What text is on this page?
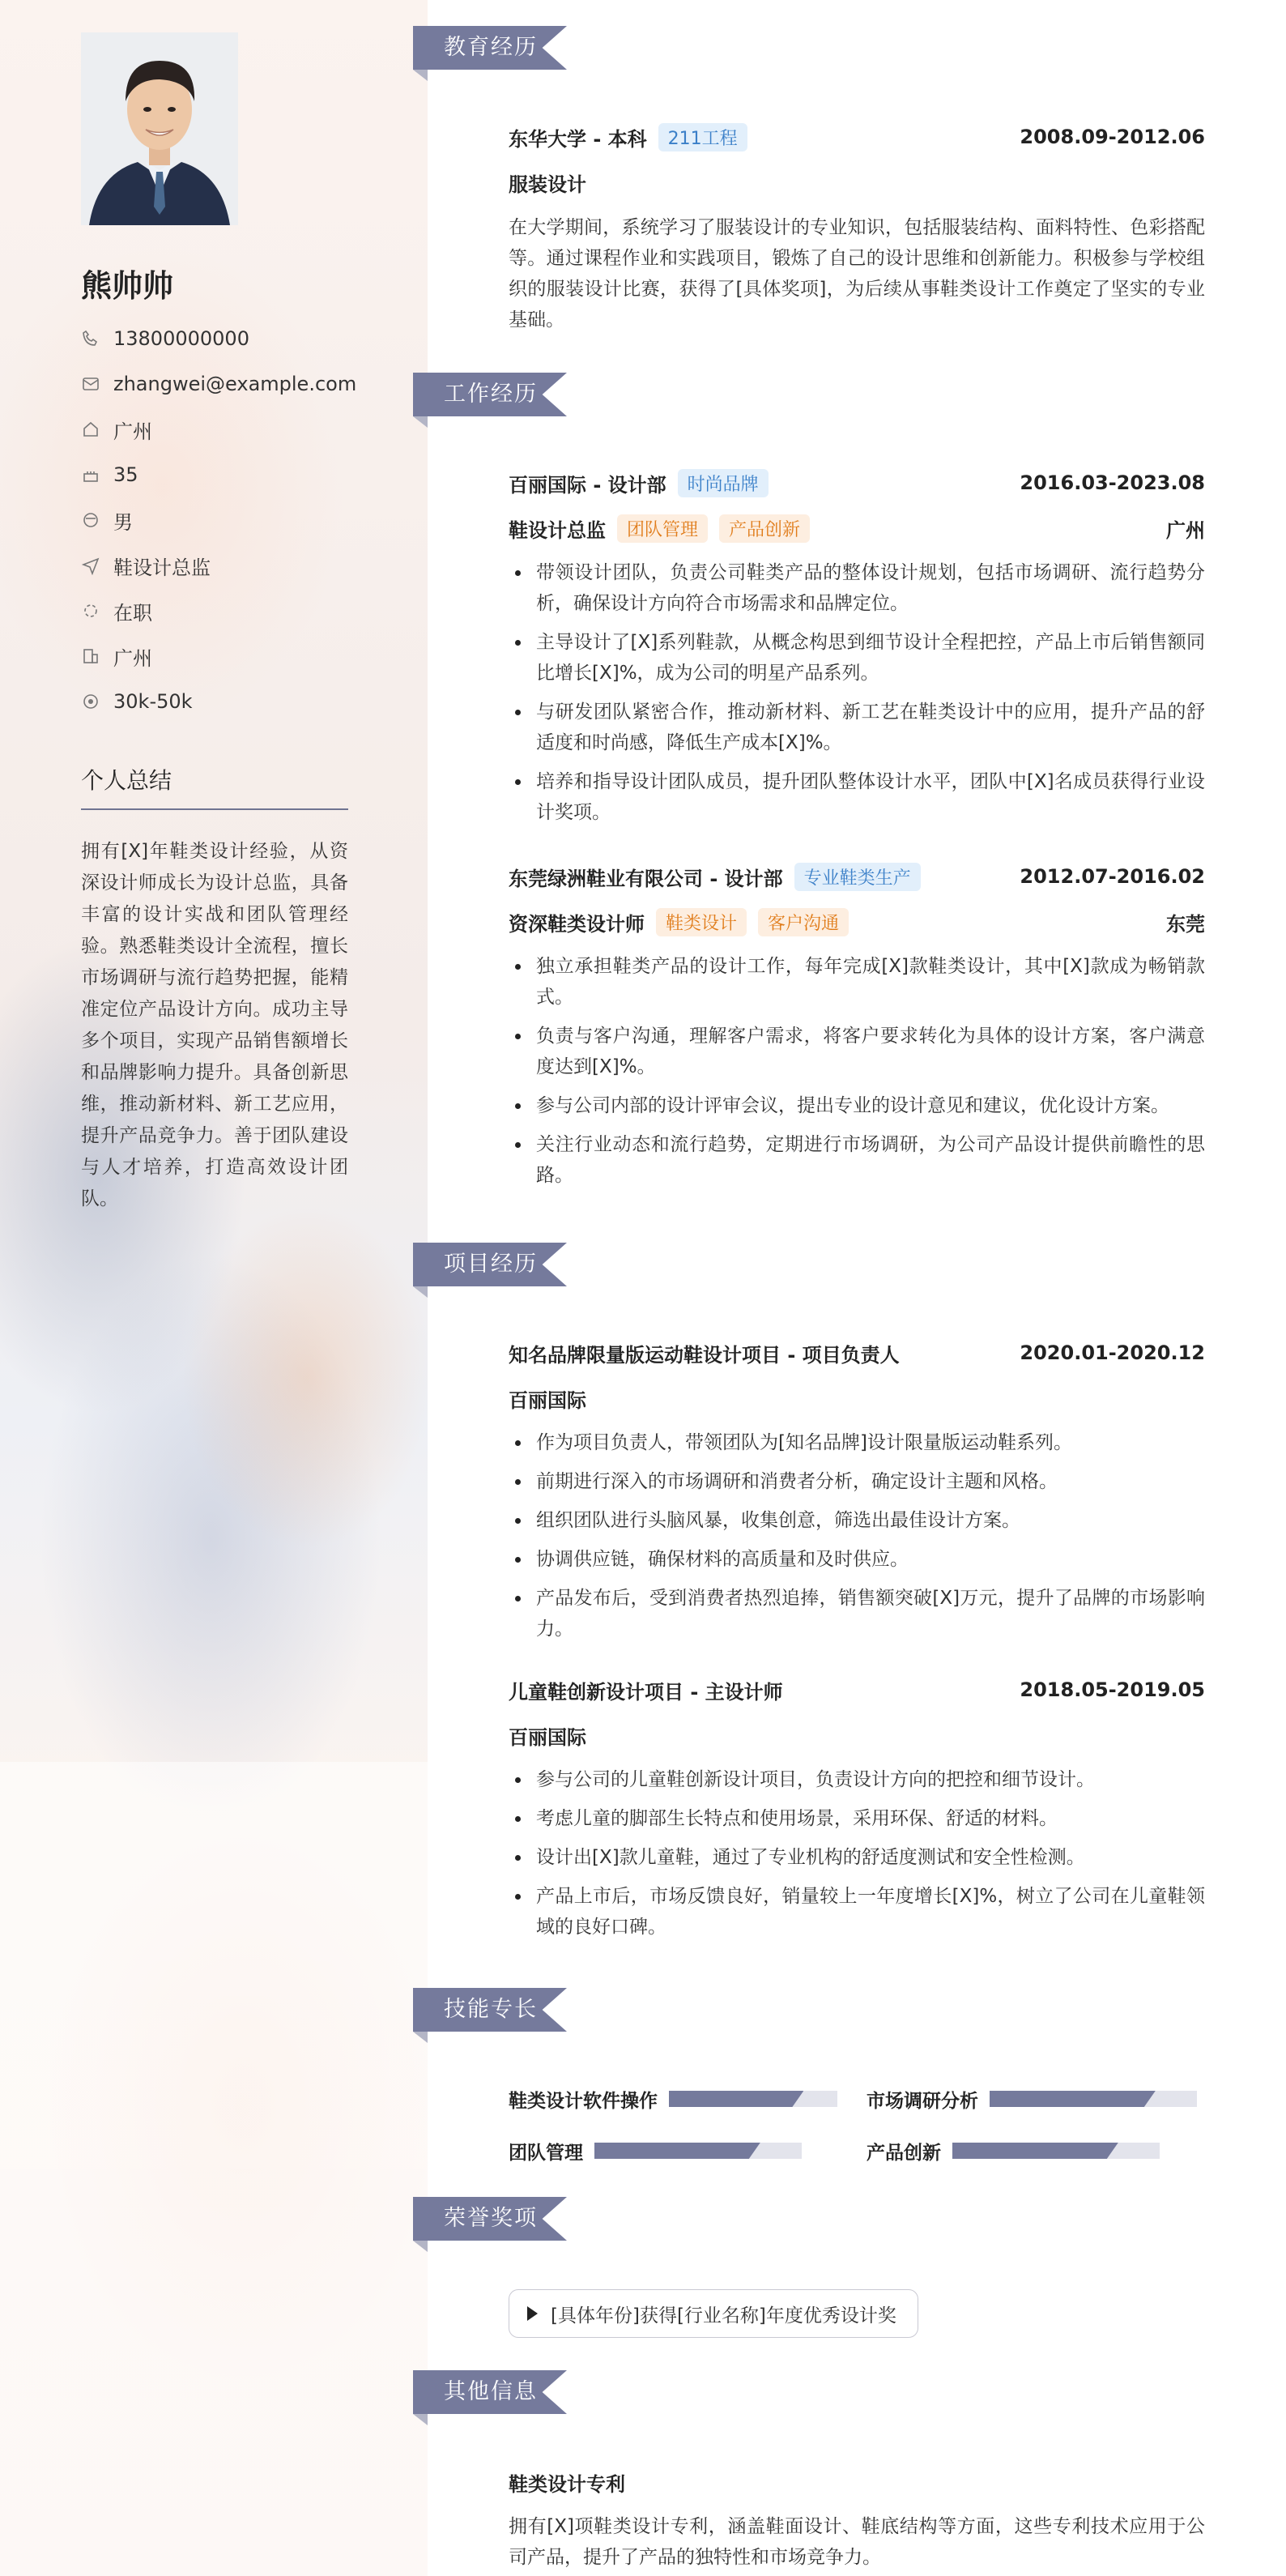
熊帅帅
13800000000
zhangwei@example.com
广州
35
男
鞋设计总监
在职
广州
30k-50k
个人总结
拥有[X]年鞋类设计经验，从资深设计师成长为设计总监，具备丰富的设计实战和团队管理经验。熟悉鞋类设计全流程，擅长市场调研与流行趋势把握，能精准定位产品设计方向。成功主导多个项目，实现产品销售额增长和品牌影响力提升。具备创新思维，推动新材料、新工艺应用，提升产品竞争力。善于团队建设与人才培养，打造高效设计团队。
教育经历
东华大学 - 本科	211工程	2008.09-2012.06
服装设计
在大学期间，系统学习了服装设计的专业知识，包括服装结构、面料特性、色彩搭配等。通过课程作业和实践项目，锻炼了自己的设计思维和创新能力。积极参与学校组织的服装设计比赛，获得了[具体奖项]，为后续从事鞋类设计工作奠定了坚实的专业基础。
工作经历
百丽国际 - 设计部	时尚品牌	2016.03-2023.08
鞋设计总监	团队管理	产品创新	广州
带领设计团队，负责公司鞋类产品的整体设计规划，包括市场调研、流行趋势分析，确保设计方向符合市场需求和品牌定位。
主导设计了[X]系列鞋款，从概念构思到细节设计全程把控，产品上市后销售额同比增长[X]%，成为公司的明星产品系列。
与研发团队紧密合作，推动新材料、新工艺在鞋类设计中的应用，提升产品的舒适度和时尚感，降低生产成本[X]%。
培养和指导设计团队成员，提升团队整体设计水平，团队中[X]名成员获得行业设计奖项。
东莞绿洲鞋业有限公司 - 设计部	专业鞋类生产	2012.07-2016.02
资深鞋类设计师	鞋类设计	客户沟通	东莞
独立承担鞋类产品的设计工作，每年完成[X]款鞋类设计，其中[X]款成为畅销款式。
负责与客户沟通，理解客户需求，将客户要求转化为具体的设计方案，客户满意度达到[X]%。
参与公司内部的设计评审会议，提出专业的设计意见和建议，优化设计方案。
关注行业动态和流行趋势，定期进行市场调研，为公司产品设计提供前瞻性的思路。
项目经历
知名品牌限量版运动鞋设计项目 - 项目负责人	2020.01-2020.12
百丽国际
作为项目负责人，带领团队为[知名品牌]设计限量版运动鞋系列。
前期进行深入的市场调研和消费者分析，确定设计主题和风格。
组织团队进行头脑风暴，收集创意，筛选出最佳设计方案。
协调供应链，确保材料的高质量和及时供应。
产品发布后，受到消费者热烈追捧，销售额突破[X]万元，提升了品牌的市场影响力。
儿童鞋创新设计项目 - 主设计师	2018.05-2019.05
百丽国际
参与公司的儿童鞋创新设计项目，负责设计方向的把控和细节设计。
考虑儿童的脚部生长特点和使用场景，采用环保、舒适的材料。
设计出[X]款儿童鞋，通过了专业机构的舒适度测试和安全性检测。
产品上市后，市场反馈良好，销量较上一年度增长[X]%，树立了公司在儿童鞋领域的良好口碑。
技能专长
鞋类设计软件操作	市场调研分析
团队管理	产品创新
荣誉奖项
[具体年份]获得[行业名称]年度优秀设计奖
其他信息
鞋类设计专利
拥有[X]项鞋类设计专利，涵盖鞋面设计、鞋底结构等方面，这些专利技术应用于公司产品，提升了产品的独特性和市场竞争力。
